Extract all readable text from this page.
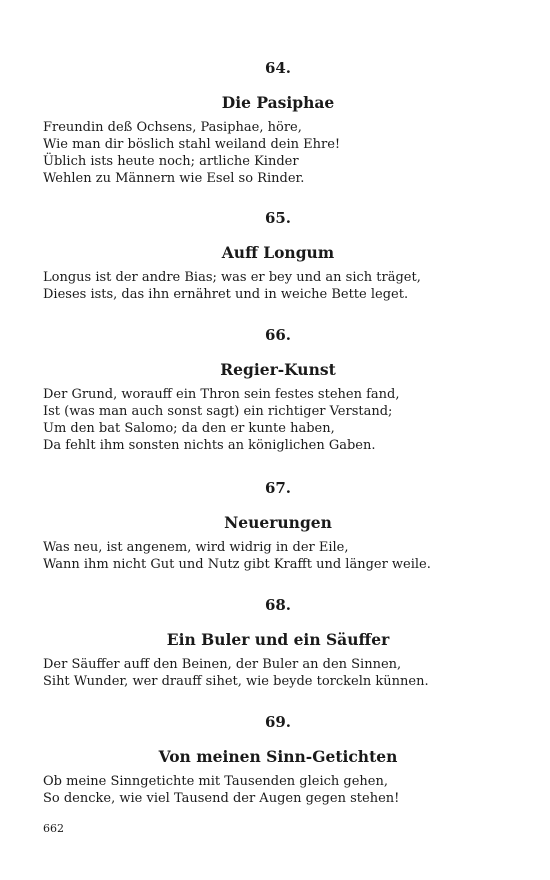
64.
Die Pasiphae
Freundin deß Ochsens, Pasiphae, höre,
Wie man dir böslich stahl weiland dein Ehre!
Üblich ists heute noch; artliche Kinder
Wehlen zu Männern wie Esel so Rinder.
65.
Auff Longum
Longus ist der andre Bias; was er bey und an sich träget,
Dieses ists, das ihn ernähret und in weiche Bette leget.
66.
Regier-Kunst
Der Grund, worauff ein Thron sein festes stehen fand,
Ist (was man auch sonst sagt) ein richtiger Verstand;
Um den bat Salomo; da den er kunte haben,
Da fehlt ihm sonsten nichts an königlichen Gaben.
67.
Neuerungen
Was neu, ist angenem, wird widrig in der Eile,
Wann ihm nicht Gut und Nutz gibt Krafft und länger weile.
68.
Ein Buler und ein Säuffer
Der Säuffer auff den Beinen, der Buler an den Sinnen,
Siht Wunder, wer drauff sihet, wie beyde torckeln künnen.
69.
Von meinen Sinn-Getichten
Ob meine Sinngetichte mit Tausenden gleich gehen,
So dencke, wie viel Tausend der Augen gegen stehen!
662
